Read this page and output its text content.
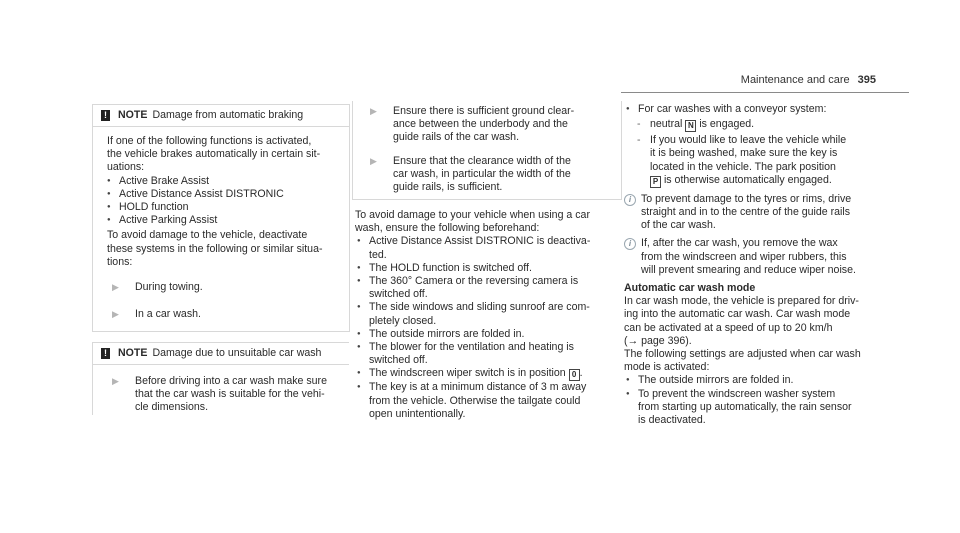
Maintenance and care 395
! NOTE Damage from automatic braking

If one of the following functions is activated,
the vehicle brakes automatically in certain sit-
uations:

● Active Brake Assist
● Active Distance Assist DISTRONIC
● HOLD function
● Active Parking Assist

To avoid damage to the vehicle, deactivate
these systems in the following or similar situa-
tions:

▶ During towing.
▶ In a car wash.
! NOTE Damage due to unsuitable car wash
▶ Before driving into a car wash make sure
that the car wash is suitable for the vehi-
cle dimensions.
▶ Ensure there is sufficient ground clear-
ance between the underbody and the
guide rails of the car wash.
▶ Ensure that the clearance width of the
car wash, in particular the width of the
guide rails, is sufficient.

To avoid damage to your vehicle when using a car
wash, ensure the following beforehand:

● Active Distance Assist DISTRONIC is deactiva-
ted.
● The HOLD function is switched off.
● The 360° Camera or the reversing camera is
switched off.
● The side windows and sliding sunroof are com-
pletely closed.
● The outside mirrors are folded in.
● The blower for the ventilation and heating is
switched off.
● The windscreen wiper switch is in position 0 .
● The key is at a minimum distance of 3 m away
from the vehicle. Otherwise the tailgate could
open unintentionally.
● For car washes with a conveyor system:
- neutral N is engaged.
- If you would like to leave the vehicle while
it is being washed, make sure the key is
located in the vehicle. The park position
P is otherwise automatically engaged.
i To prevent damage to the tyres or rims, drive
straight and in to the centre of the guide rails
of the car wash.
i If, after the car wash, you remove the wax
from the windscreen and wiper rubbers, this
will prevent smearing and reduce wiper noise.
Automatic car wash mode

In car wash mode, the vehicle is prepared for driv-
ing into the automatic car wash. Car wash mode
can be activated at a speed of up to 20 km/h
(→ page 396).

The following settings are adjusted when car wash
mode is activated:

● The outside mirrors are folded in.
● To prevent the windscreen washer system
from starting up automatically, the rain sensor
is deactivated.
